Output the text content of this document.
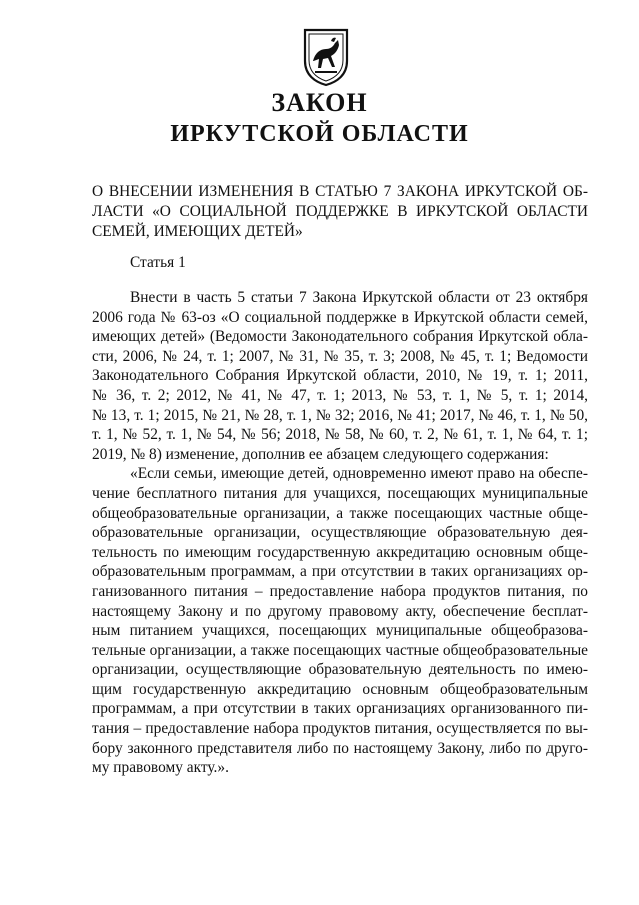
ЗАКОН
ИРКУТСКОЙ ОБЛАСТИ

О ВНЕСЕНИИ ИЗМЕНЕНИЯ В СТАТЬЮ 7 ЗАКОНА ИРКУТСКОЙ ОБ-
ЛАСТИ «О СОЦИАЛЬНОЙ ПОДДЕРЖКЕ В ИРКУТСКОЙ ОБЛАСТИ
СЕМЕЙ, ИМЕЮЩИХ ДЕТЕЙ»

Статья 1

Внести в часть 5 статьи 7 Закона Иркутской области от 23 октября
2006 года № 63-оз «О социальной поддержке в Иркутской области семей,
имеющих детей» (Ведомости Законодательного собрания Иркутской обла-
сти, 2006, № 24, т. 1; 2007, № 31, № 35, т. 3; 2008, № 45, т. 1; Ведомости
Законодательного Собрания Иркутской области, 2010, № 19, т. 1; 2011,
№ 36, т. 2; 2012, № 41, № 47, т. 1; 2013, № 53, т. 1, № 5, т. 1; 2014,
№ 13, т. 1; 2015, № 21, № 28, т. 1, № 32; 2016, № 41; 2017, № 46, т. 1, № 50,
т. 1, № 52, т. 1, № 54, № 56; 2018, № 58, № 60, т. 2, № 61, т. 1, № 64, т. 1;
2019, № 8) изменение, дополнив ее абзацем следующего содержания:
«Если семьи, имеющие детей, одновременно имеют право на обеспе-
чение бесплатного питания для учащихся, посещающих муниципальные
общеобразовательные организации, а также посещающих частные обще-
образовательные организации, осуществляющие образовательную дея-
тельность по имеющим государственную аккредитацию основным обще-
образовательным программам, а при отсутствии в таких организациях ор-
ганизованного питания – предоставление набора продуктов питания, по
настоящему Закону и по другому правовому акту, обеспечение бесплат-
ным питанием учащихся, посещающих муниципальные общеобразова-
тельные организации, а также посещающих частные общеобразовательные
организации, осуществляющие образовательную деятельность по имею-
щим государственную аккредитацию основным общеобразовательным
программам, а при отсутствии в таких организациях организованного пи-
тания – предоставление набора продуктов питания, осуществляется по вы-
бору законного представителя либо по настоящему Закону, либо по друго-
му правовому акту.».
